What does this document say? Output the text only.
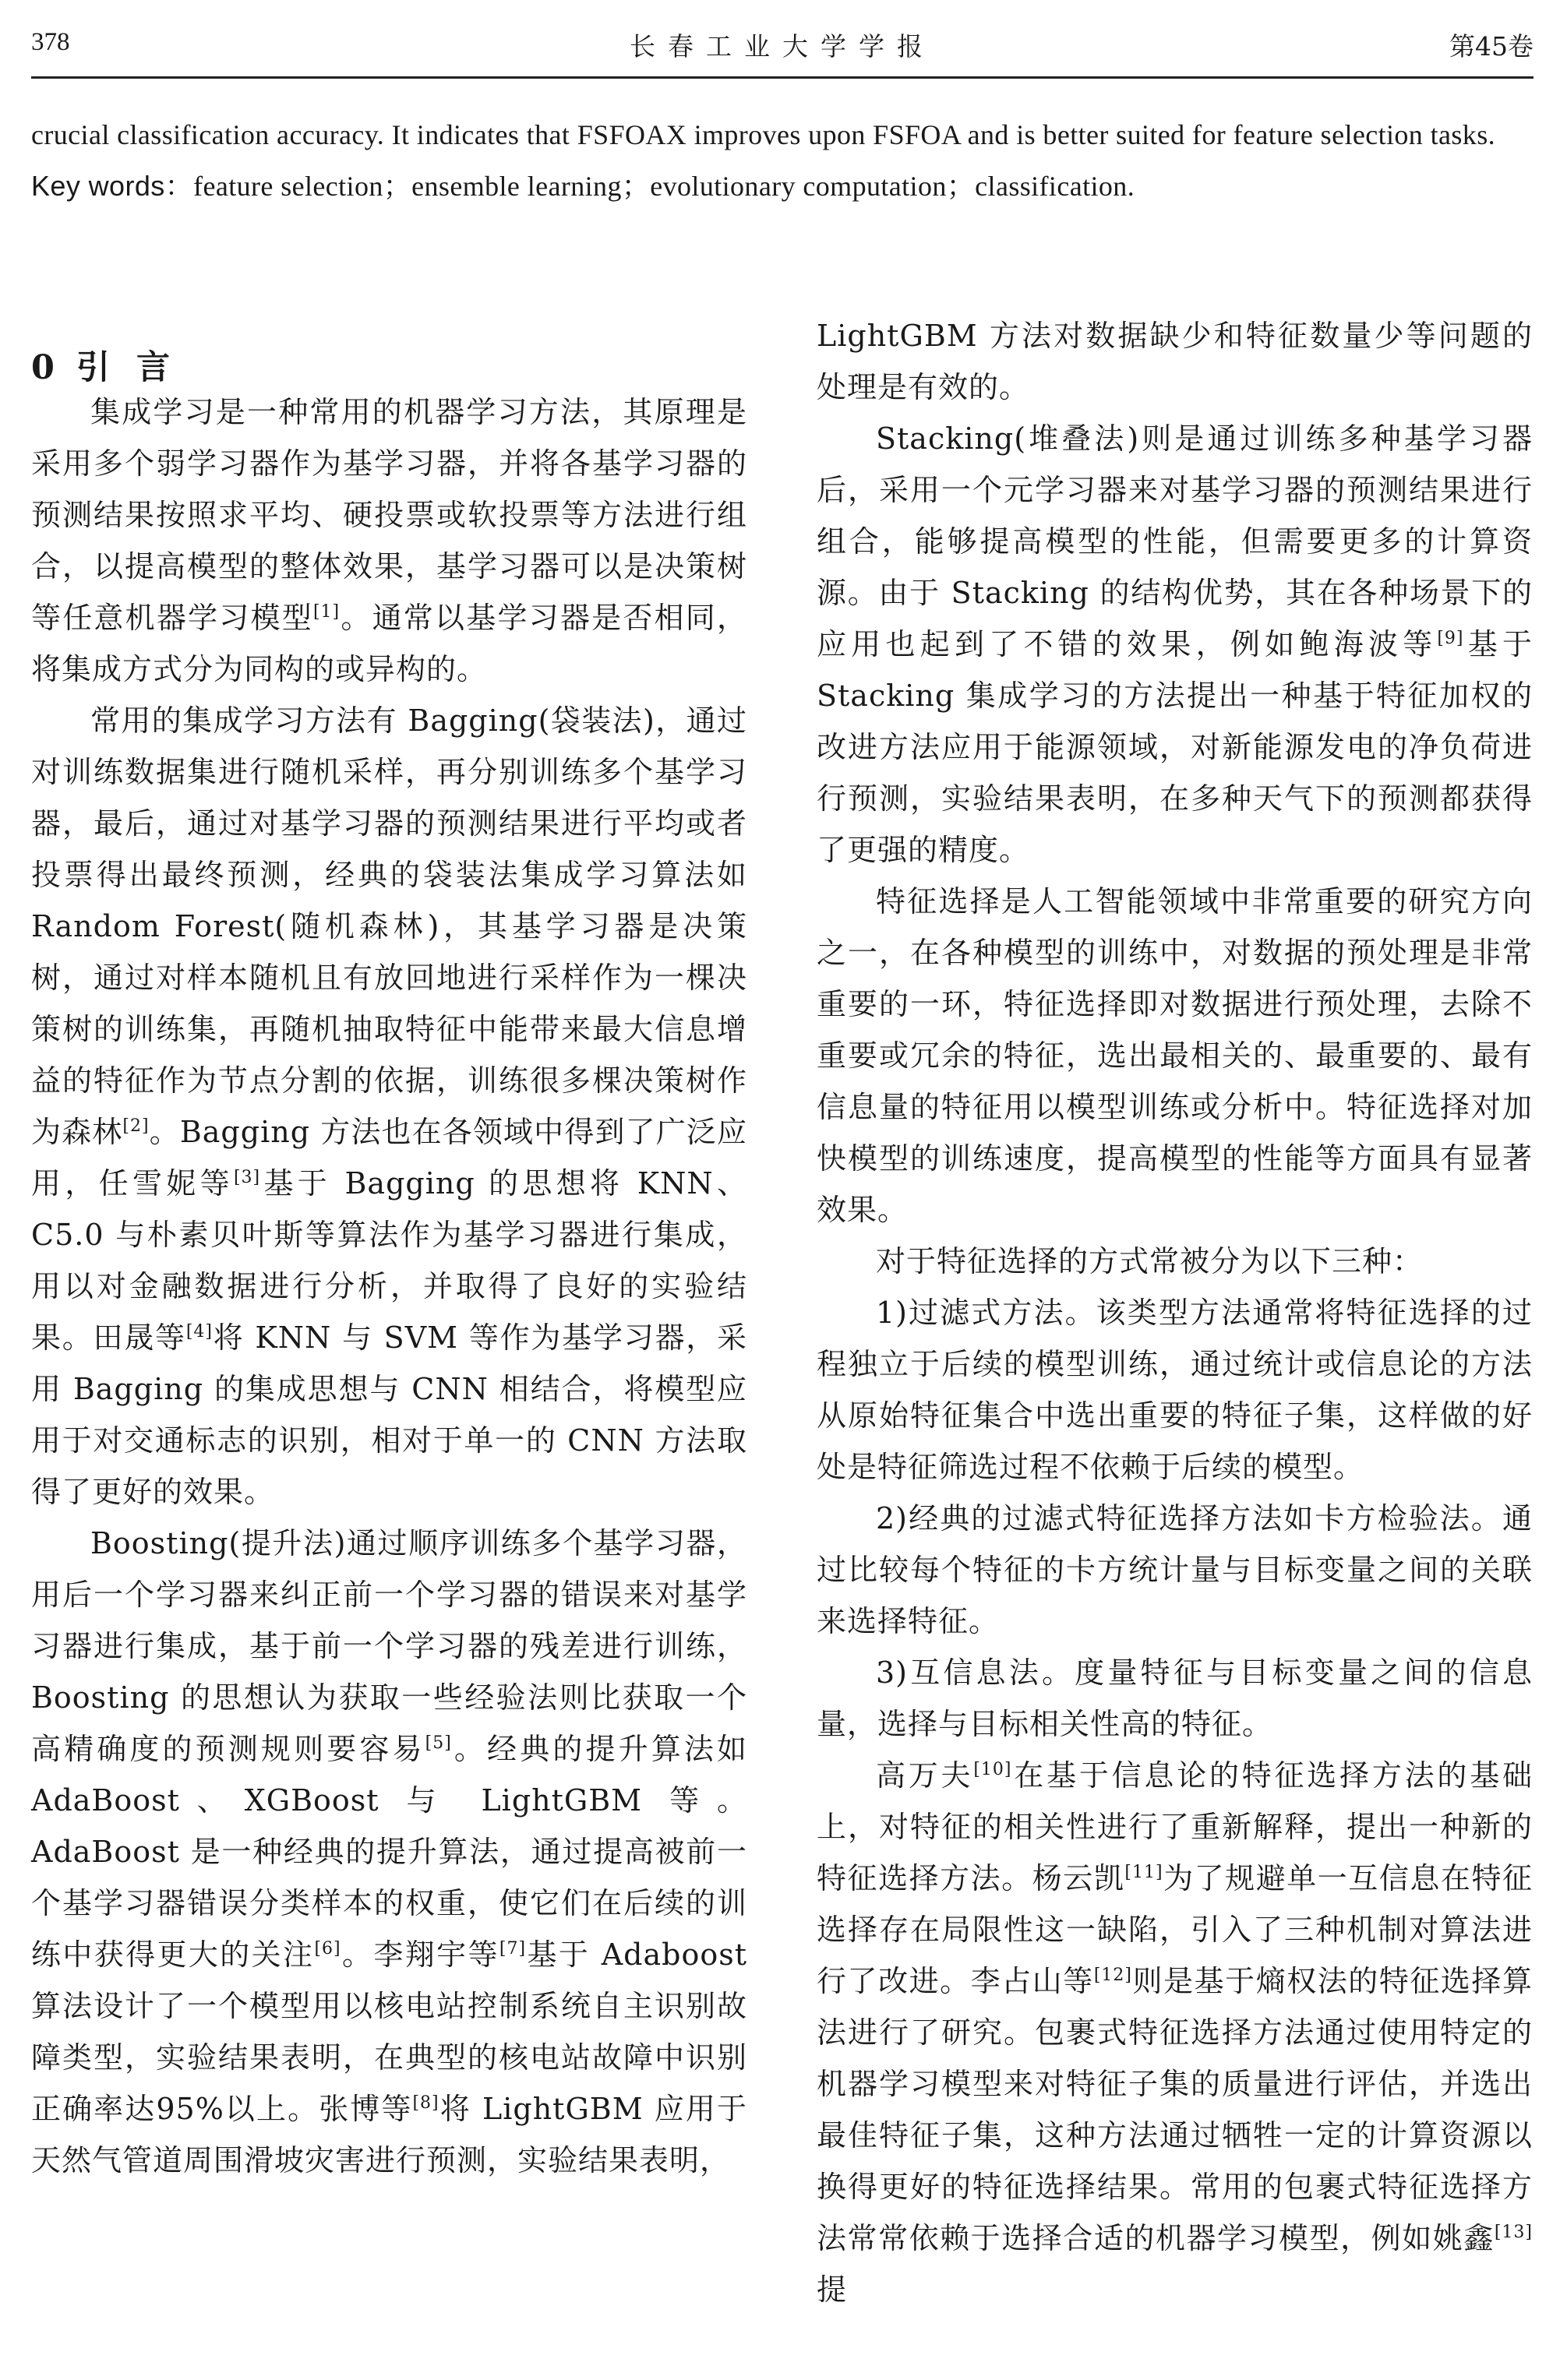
378	长春工业大学学报	第45卷
crucial classification accuracy. It indicates that FSFOAX improves upon FSFOA and is better suited for feature selection tasks.
Key words：feature selection；ensemble learning；evolutionary computation；classification.
0 引言

集成学习是一种常用的机器学习方法，其原理是采用多个弱学习器作为基学习器，并将各基学习器的预测结果按照求平均、硬投票或软投票等方法进行组合，以提高模型的整体效果，基学习器可以是决策树等任意机器学习模型[1]。通常以基学习器是否相同，将集成方式分为同构的或异构的。

常用的集成学习方法有 Bagging(袋装法)，通过对训练数据集进行随机采样，再分别训练多个基学习器，最后，通过对基学习器的预测结果进行平均或者投票得出最终预测，经典的袋装法集成学习算法如 Random Forest(随机森林)，其基学习器是决策树，通过对样本随机且有放回地进行采样作为一棵决策树的训练集，再随机抽取特征中能带来最大信息增益的特征作为节点分割的依据，训练很多棵决策树作为森林[2]。Bagging 方法也在各领域中得到了广泛应用，任雪妮等[3]基于 Bagging 的思想将 KNN、C5.0 与朴素贝叶斯等算法作为基学习器进行集成，用以对金融数据进行分析，并取得了良好的实验结果。田晟等[4]将 KNN 与 SVM 等作为基学习器，采用 Bagging 的集成思想与 CNN 相结合，将模型应用于对交通标志的识别，相对于单一的 CNN 方法取得了更好的效果。

Boosting(提升法)通过顺序训练多个基学习器，用后一个学习器来纠正前一个学习器的错误来对基学习器进行集成，基于前一个学习器的残差进行训练，Boosting 的思想认为获取一些经验法则比获取一个高精确度的预测规则要容易[5]。经典的提升算法如 AdaBoost、XGBoost 与 LightGBM 等。AdaBoost 是一种经典的提升算法，通过提高被前一个基学习器错误分类样本的权重，使它们在后续的训练中获得更大的关注[6]。李翔宇等[7]基于 Adaboost 算法设计了一个模型用以核电站控制系统自主识别故障类型，实验结果表明，在典型的核电站故障中识别正确率达95%以上。张博等[8]将 LightGBM 应用于天然气管道周围滑坡灾害进行预测，实验结果表明，

LightGBM 方法对数据缺少和特征数量少等问题的处理是有效的。

Stacking(堆叠法)则是通过训练多种基学习器后，采用一个元学习器来对基学习器的预测结果进行组合，能够提高模型的性能，但需要更多的计算资源。由于 Stacking 的结构优势，其在各种场景下的应用也起到了不错的效果，例如鲍海波等[9]基于 Stacking 集成学习的方法提出一种基于特征加权的改进方法应用于能源领域，对新能源发电的净负荷进行预测，实验结果表明，在多种天气下的预测都获得了更强的精度。

特征选择是人工智能领域中非常重要的研究方向之一，在各种模型的训练中，对数据的预处理是非常重要的一环，特征选择即对数据进行预处理，去除不重要或冗余的特征，选出最相关的、最重要的、最有信息量的特征用以模型训练或分析中。特征选择对加快模型的训练速度，提高模型的性能等方面具有显著效果。

对于特征选择的方式常被分为以下三种：

1)过滤式方法。该类型方法通常将特征选择的过程独立于后续的模型训练，通过统计或信息论的方法从原始特征集合中选出重要的特征子集，这样做的好处是特征筛选过程不依赖于后续的模型。

2)经典的过滤式特征选择方法如卡方检验法。通过比较每个特征的卡方统计量与目标变量之间的关联来选择特征。

3)互信息法。度量特征与目标变量之间的信息量，选择与目标相关性高的特征。

高万夫[10]在基于信息论的特征选择方法的基础上，对特征的相关性进行了重新解释，提出一种新的特征选择方法。杨云凯[11]为了规避单一互信息在特征选择存在局限性这一缺陷，引入了三种机制对算法进行了改进。李占山等[12]则是基于熵权法的特征选择算法进行了研究。包裹式特征选择方法通过使用特定的机器学习模型来对特征子集的质量进行评估，并选出最佳特征子集，这种方法通过牺牲一定的计算资源以换得更好的特征选择结果。常用的包裹式特征选择方法常常依赖于选择合适的机器学习模型，例如姚鑫[13]提
